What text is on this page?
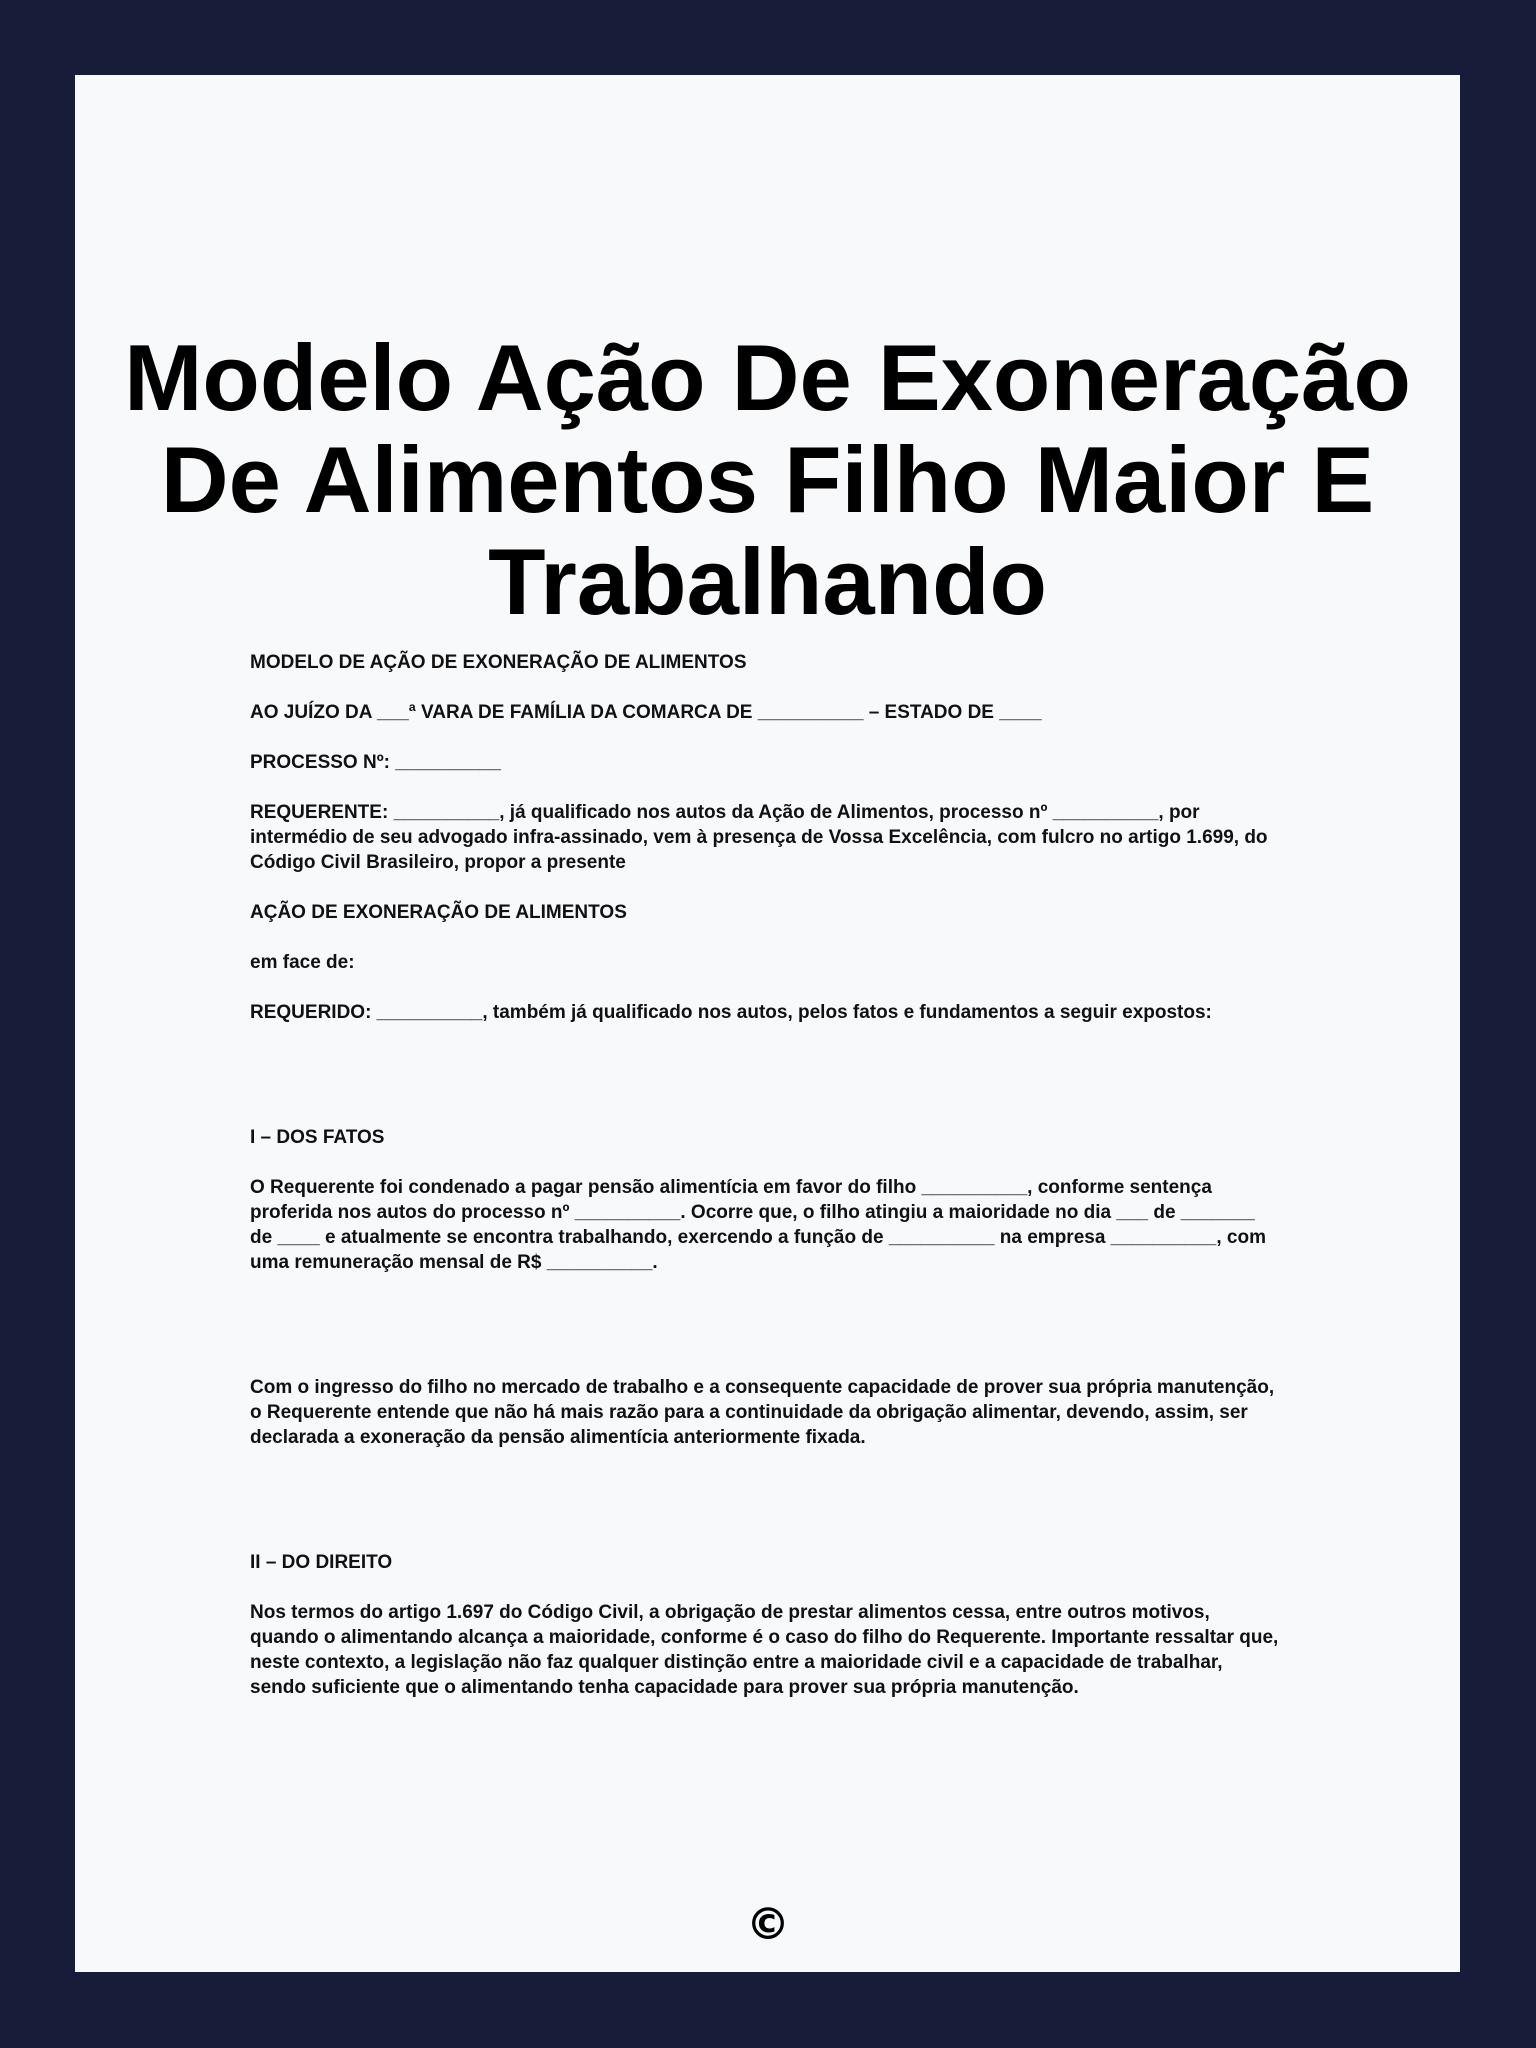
Modelo Ação De Exoneração
De Alimentos Filho Maior E
Trabalhando

MODELO DE AÇÃO DE EXONERAÇÃO DE ALIMENTOS

AO JUÍZO DA ___ª VARA DE FAMÍLIA DA COMARCA DE __________ – ESTADO DE ____

PROCESSO Nº: __________

REQUERENTE: __________, já qualificado nos autos da Ação de Alimentos, processo nº __________, por intermédio de seu advogado infra-assinado, vem à presença de Vossa Excelência, com fulcro no artigo 1.699, do Código Civil Brasileiro, propor a presente

AÇÃO DE EXONERAÇÃO DE ALIMENTOS

em face de:

REQUERIDO: __________, também já qualificado nos autos, pelos fatos e fundamentos a seguir expostos:

I – DOS FATOS

O Requerente foi condenado a pagar pensão alimentícia em favor do filho __________, conforme sentença proferida nos autos do processo nº __________. Ocorre que, o filho atingiu a maioridade no dia ___ de _______ de ____ e atualmente se encontra trabalhando, exercendo a função de __________ na empresa __________, com uma remuneração mensal de R$ __________.

Com o ingresso do filho no mercado de trabalho e a consequente capacidade de prover sua própria manutenção, o Requerente entende que não há mais razão para a continuidade da obrigação alimentar, devendo, assim, ser declarada a exoneração da pensão alimentícia anteriormente fixada.

II – DO DIREITO

Nos termos do artigo 1.697 do Código Civil, a obrigação de prestar alimentos cessa, entre outros motivos, quando o alimentando alcança a maioridade, conforme é o caso do filho do Requerente. Importante ressaltar que, neste contexto, a legislação não faz qualquer distinção entre a maioridade civil e a capacidade de trabalhar, sendo suficiente que o alimentando tenha capacidade para prover sua própria manutenção.

©
